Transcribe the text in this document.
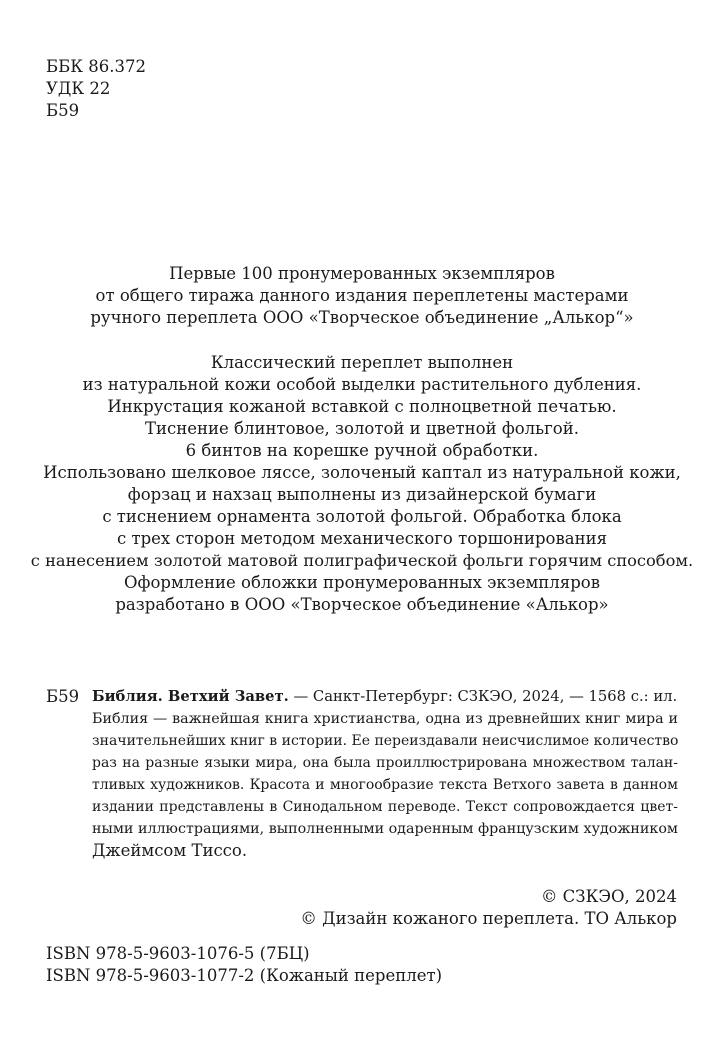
ББК 86.372
УДК 22
Б59
Первые 100 пронумерованных экземпляров
от общего тиража данного издания переплетены мастерами
ручного переплета ООО «Творческое объединение „Алькор“»
Классический переплет выполнен
из натуральной кожи особой выделки растительного дубления.
Инкрустация кожаной вставкой с полноцветной печатью.
Тиснение блинтовое, золотой и цветной фольгой.
6 бинтов на корешке ручной обработки.
Использовано шелковое ляссе, золоченый каптал из натуральной кожи,
форзац и нахзац выполнены из дизайнерской бумаги
с тиснением орнамента золотой фольгой. Обработка блока
с трех сторон методом механического торшонирования
с нанесением золотой матовой полиграфической фольги горячим способом.
Оформление обложки пронумерованных экземпляров
разработано в ООО «Творческое объединение «Алькор»
Б59 Библия. Ветхий Завет. — Санкт-Петербург: СЗКЭО, 2024, — 1568 с.: ил.
Библия — важнейшая книга христианства, одна из древнейших книг мира и
значительнейших книг в истории. Ее переиздавали неисчислимое количество
раз на разные языки мира, она была проиллюстрирована множеством талан-
тливых художников. Красота и многообразие текста Ветхого завета в данном
издании представлены в Синодальном переводе. Текст сопровождается цвет-
ными иллюстрациями, выполненными одаренным французским художником
Джеймсом Тиссо.
© СЗКЭО, 2024
© Дизайн кожаного переплета. ТО Алькор
ISBN 978-5-9603-1076-5 (7БЦ)
ISBN 978-5-9603-1077-2 (Кожаный переплет)
